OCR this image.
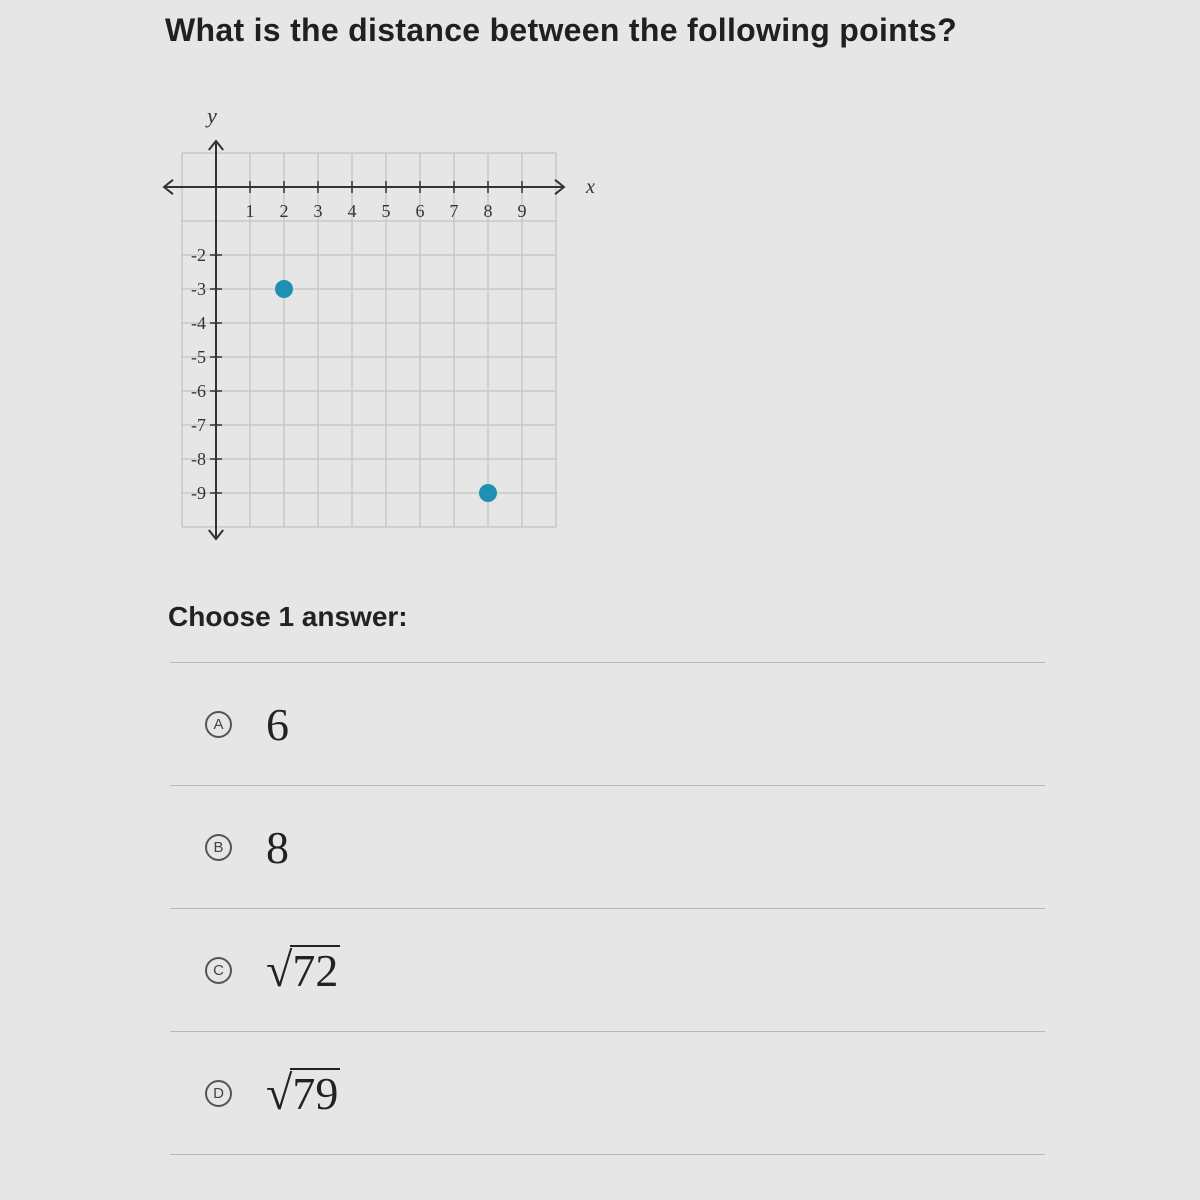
What is the distance between the following points?
1 2 3 4 5 6 7 8 9
-2
-3
-4
-5
-6
-7
-8
-9
x
y
Choose 1 answer:
A 6
B 8
C √ 72
D √ 79
